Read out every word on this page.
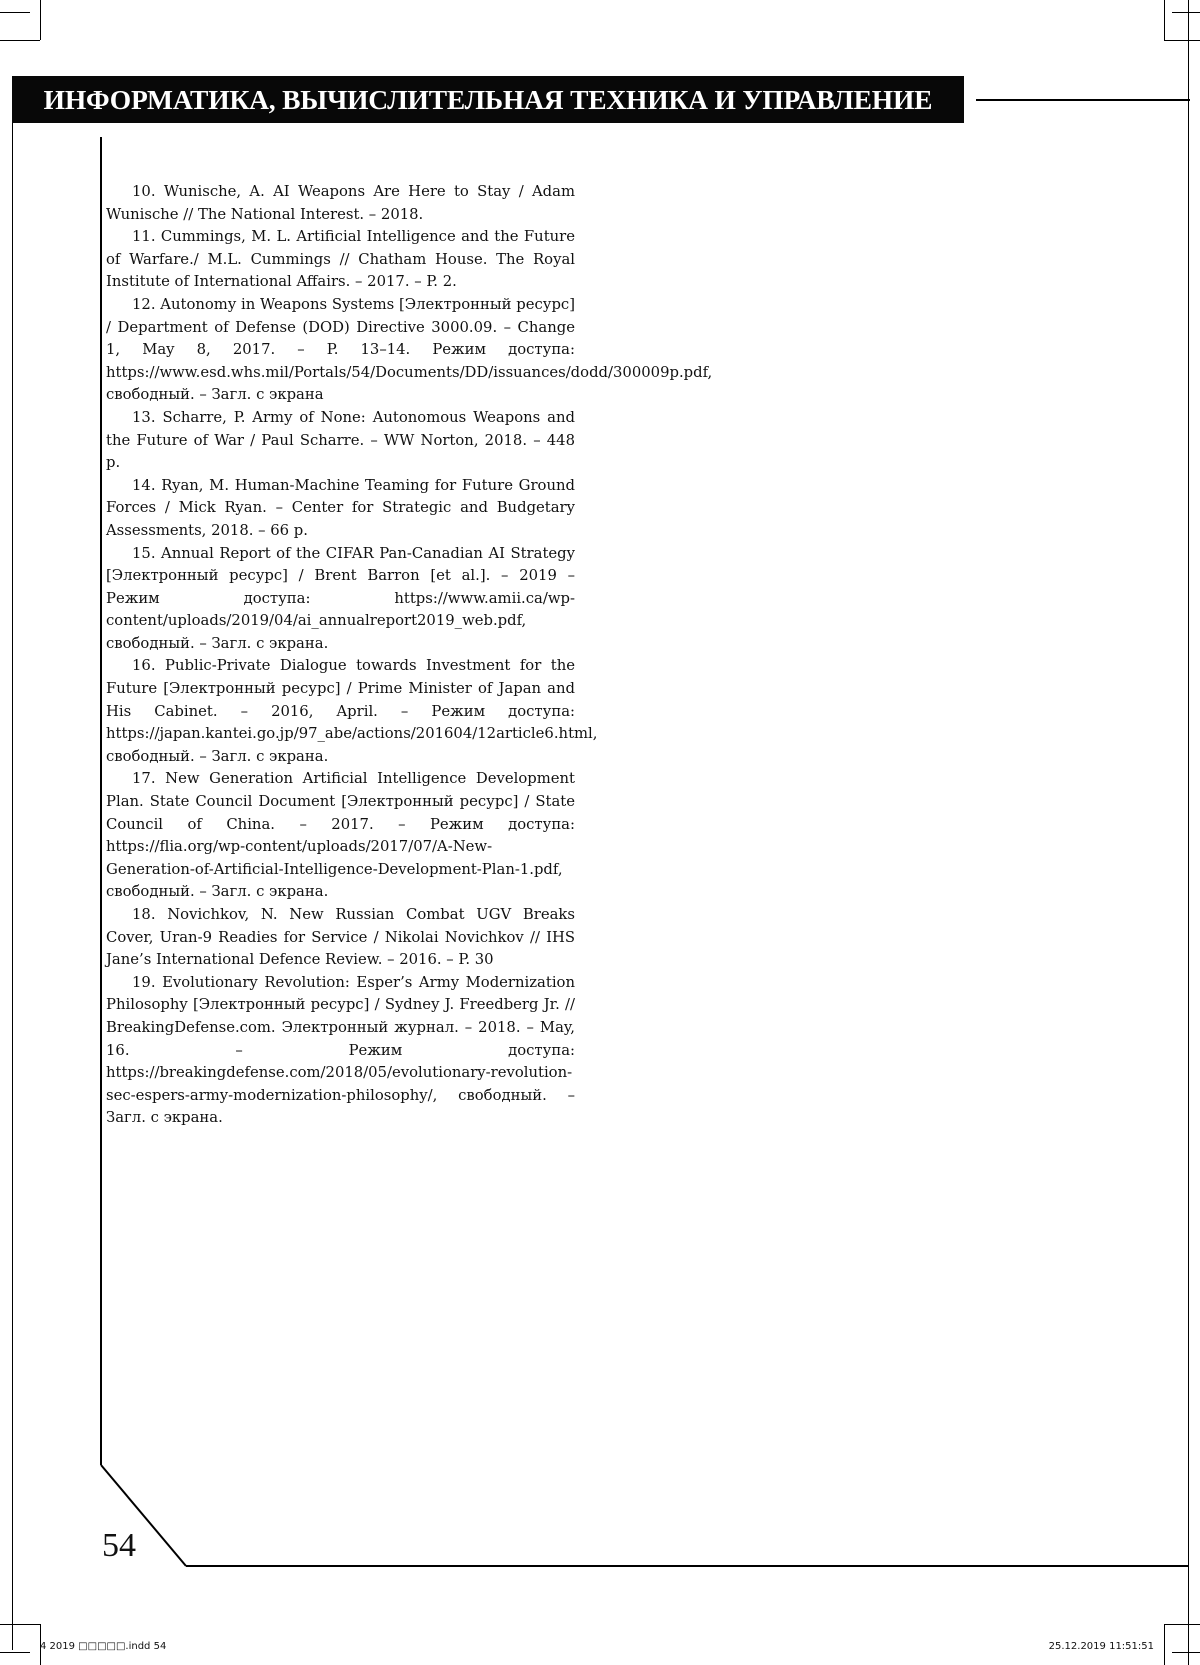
ИНФОРМАТИКА, ВЫЧИСЛИТЕЛЬНАЯ ТЕХНИКА И УПРАВЛЕНИЕ

10. Wunische, A. AI Weapons Are Here to Stay / Adam Wunische // The National Interest. – 2018.

11. Cummings, M. L. Artificial Intelligence and the Future of Warfare./ M.L. Cummings // Chatham House. The Royal Institute of International Affairs. – 2017. – P. 2.

12. Autonomy in Weapons Systems [Электронный ресурс] / Department of Defense (DOD) Directive 3000.09. – Change 1, May 8, 2017. – P. 13–14. Режим доступа: https://www.esd.whs.mil/Portals/54/Documents/DD/issuances/dodd/300009p.pdf, свободный. – Загл. с экрана

13. Scharre, P. Army of None: Autonomous Weapons and the Future of War / Paul Scharre. – WW Norton, 2018. – 448 p.

14. Ryan, M. Human-Machine Teaming for Future Ground Forces / Mick Ryan. – Center for Strategic and Budgetary Assessments, 2018. – 66 p.

15. Annual Report of the CIFAR Pan-Canadian AI Strategy [Электронный ресурс] / Brent Barron [et al.]. – 2019 – Режим доступа: https://www.amii.ca/wp-content/uploads/2019/04/ai_annualreport2019_web.pdf, свободный. – Загл. с экрана.

16. Public-Private Dialogue towards Investment for the Future [Электронный ресурс] / Prime Minister of Japan and His Cabinet. – 2016, April. – Режим доступа: https://japan.kantei.go.jp/97_abe/actions/201604/12article6.html, свободный. – Загл. с экрана.

17. New Generation Artificial Intelligence Development Plan. State Council Document [Электронный ресурс] / State Council of China. – 2017. – Режим доступа: https://flia.org/wp-content/uploads/2017/07/A-New-Generation-of-Artificial-Intelligence-Development-Plan-1.pdf, свободный. – Загл. с экрана.

18. Novichkov, N. New Russian Combat UGV Breaks Cover, Uran-9 Readies for Service / Nikolai Novichkov // IHS Jane’s International Defence Review. – 2016. – P. 30

19. Evolutionary Revolution: Esper’s Army Modernization Philosophy [Электронный ресурс] / Sydney J. Freedberg Jr. // BreakingDefense.com. Электронный журнал. – 2018. – May, 16. – Режим доступа: https://breakingdefense.com/2018/05/evolutionary-revolution-sec-espers-army-modernization-philosophy/, свободный. – Загл. с экрана.

54
4 2019 □□□□□.indd 54	25.12.2019 11:51:51
